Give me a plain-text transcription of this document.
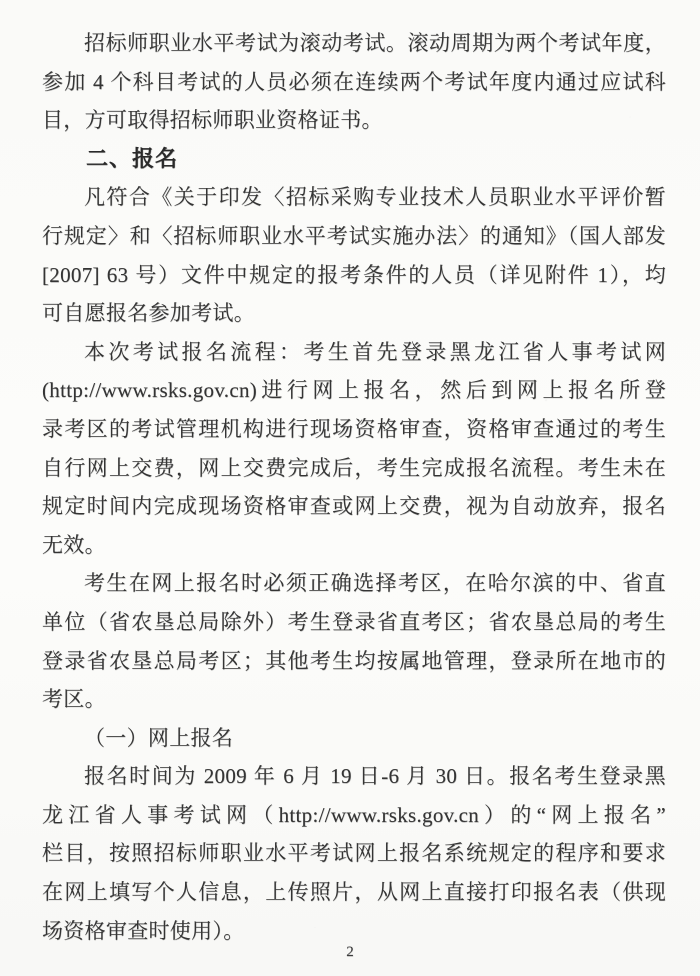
招标师职业水平考试为滚动考试。滚动周期为两个考试年度，
参加 4 个科目考试的人员必须在连续两个考试年度内通过应试科
目，方可取得招标师职业资格证书。
二、报名
凡符合《关于印发〈招标采购专业技术人员职业水平评价暂
行规定〉和〈招标师职业水平考试实施办法〉的通知》（国人部发
[2007] 63 号）文件中规定的报考条件的人员（详见附件 1），均
可自愿报名参加考试。
本次考试报名流程：考生首先登录黑龙江省人事考试网
(http://www.rsks.gov.cn)进行网上报名，然后到网上报名所登
录考区的考试管理机构进行现场资格审查，资格审查通过的考生
自行网上交费，网上交费完成后，考生完成报名流程。考生未在
规定时间内完成现场资格审查或网上交费，视为自动放弃，报名
无效。
考生在网上报名时必须正确选择考区，在哈尔滨的中、省直
单位（省农垦总局除外）考生登录省直考区；省农垦总局的考生
登录省农垦总局考区；其他考生均按属地管理，登录所在地市的
考区。
（一）网上报名
报名时间为 2009 年 6 月 19 日-6 月 30 日。报名考生登录黑
龙江省人事考试网（http://www.rsks.gov.cn）的“网上报名”
栏目，按照招标师职业水平考试网上报名系统规定的程序和要求
在网上填写个人信息，上传照片，从网上直接打印报名表（供现
场资格审查时使用）。
2
